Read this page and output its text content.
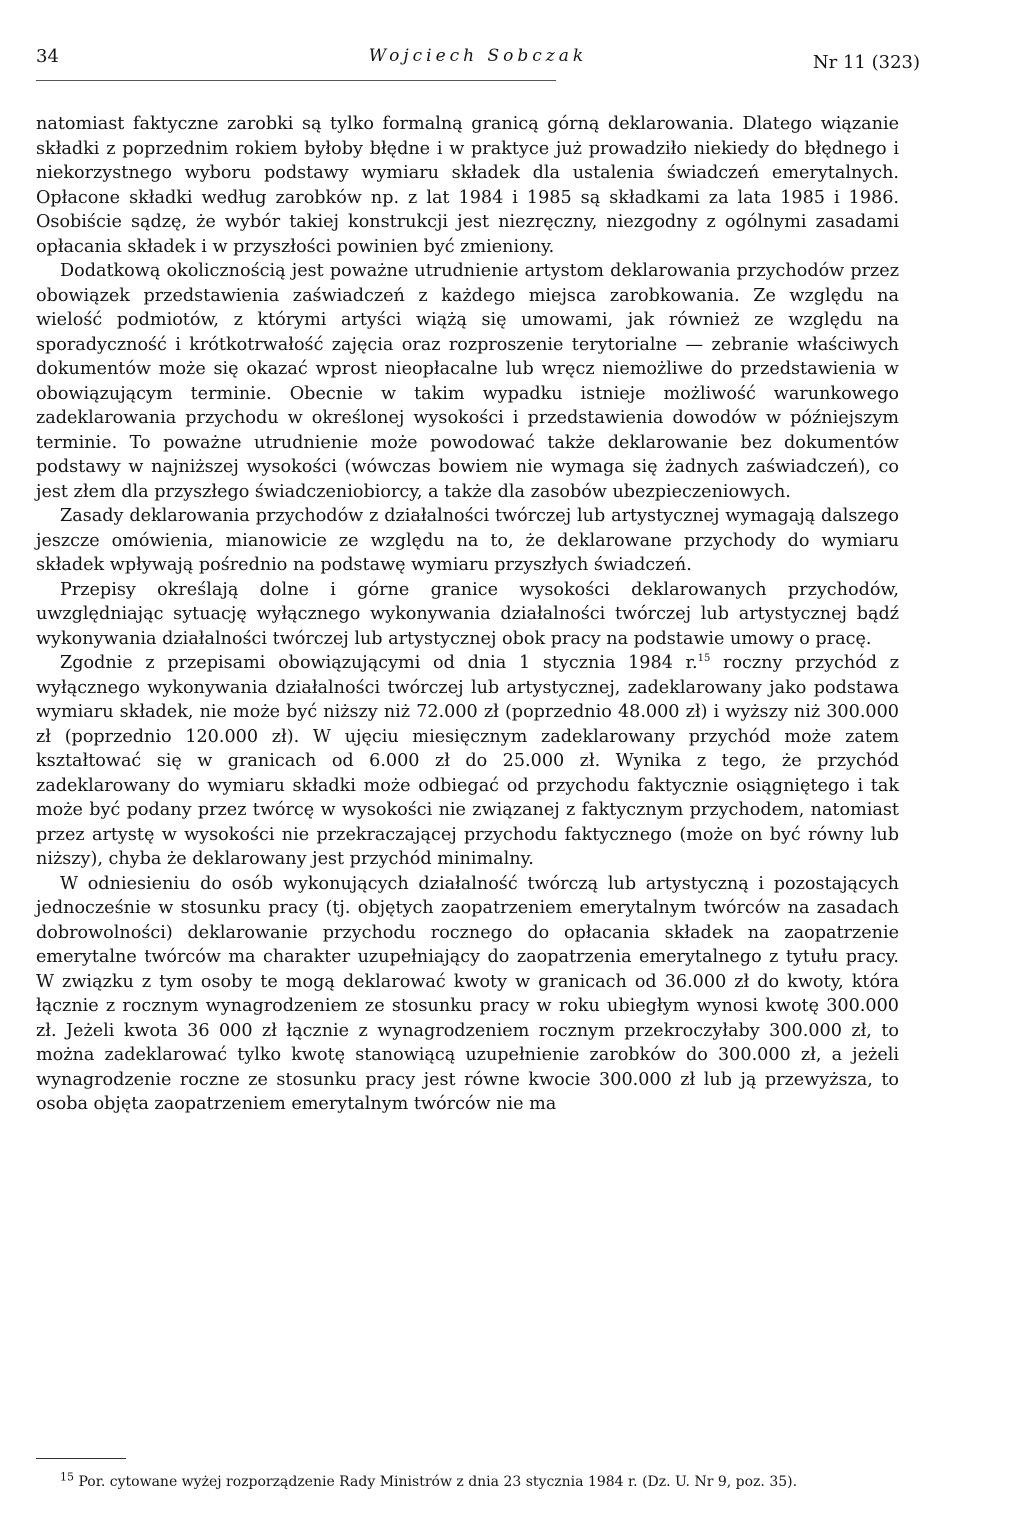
34	Wojciech Sobczak	Nr 11 (323)

natomiast faktyczne zarobki są tylko formalną granicą górną deklarowania. Dlatego wiązanie składki z poprzednim rokiem byłoby błędne i w praktyce już prowadziło niekiedy do błędnego i niekorzystnego wyboru podstawy wymiaru składek dla ustalenia świadczeń emerytalnych. Opłacone składki według zarobków np. z lat 1984 i 1985 są składkami za lata 1985 i 1986. Osobiście sądzę, że wybór takiej konstrukcji jest niezręczny, niezgodny z ogólnymi zasadami opłacania składek i w przyszłości powinien być zmieniony.

Dodatkową okolicznością jest poważne utrudnienie artystom deklarowania przychodów przez obowiązek przedstawienia zaświadczeń z każdego miejsca zarobkowania. Ze względu na wielość podmiotów, z którymi artyści wiążą się umowami, jak również ze względu na sporadyczność i krótkotrwałość zajęcia oraz rozproszenie terytorialne — zebranie właściwych dokumentów może się okazać wprost nieopłacalne lub wręcz niemożliwe do przedstawienia w obowiązującym terminie. Obecnie w takim wypadku istnieje możliwość warunkowego zadeklarowania przychodu w określonej wysokości i przedstawienia dowodów w późniejszym terminie. To poważne utrudnienie może powodować także deklarowanie bez dokumentów podstawy w najniższej wysokości (wówczas bowiem nie wymaga się żadnych zaświadczeń), co jest złem dla przyszłego świadczeniobiorcy, a także dla zasobów ubezpieczeniowych.

Zasady deklarowania przychodów z działalności twórczej lub artystycznej wymagają dalszego jeszcze omówienia, mianowicie ze względu na to, że deklarowane przychody do wymiaru składek wpływają pośrednio na podstawę wymiaru przyszłych świadczeń.

Przepisy określają dolne i górne granice wysokości deklarowanych przychodów, uwzględniając sytuację wyłącznego wykonywania działalności twórczej lub artystycznej bądź wykonywania działalności twórczej lub artystycznej obok pracy na podstawie umowy o pracę.

Zgodnie z przepisami obowiązującymi od dnia 1 stycznia 1984 r.$^{15}$ roczny przychód z wyłącznego wykonywania działalności twórczej lub artystycznej, zadeklarowany jako podstawa wymiaru składek, nie może być niższy niż 72.000 zł (poprzednio 48.000 zł) i wyższy niż 300.000 zł (poprzednio 120.000 zł). W ujęciu miesięcznym zadeklarowany przychód może zatem kształtować się w granicach od 6.000 zł do 25.000 zł. Wynika z tego, że przychód zadeklarowany do wymiaru składki może odbiegać od przychodu faktycznie osiągniętego i tak może być podany przez twórcę w wysokości nie związanej z faktycznym przychodem, natomiast przez artystę w wysokości nie przekraczającej przychodu faktycznego (może on być równy lub niższy), chyba że deklarowany jest przychód minimalny.

W odniesieniu do osób wykonujących działalność twórczą lub artystyczną i pozostających jednocześnie w stosunku pracy (tj. objętych zaopatrzeniem emerytalnym twórców na zasadach dobrowolności) deklarowanie przychodu rocznego do opłacania składek na zaopatrzenie emerytalne twórców ma charakter uzupełniający do zaopatrzenia emerytalnego z tytułu pracy. W związku z tym osoby te mogą deklarować kwoty w granicach od 36.000 zł do kwoty, która łącznie z rocznym wynagrodzeniem ze stosunku pracy w roku ubiegłym wynosi kwotę 300.000 zł. Jeżeli kwota 36 000 zł łącznie z wynagrodzeniem rocznym przekroczyłaby 300.000 zł, to można zadeklarować tylko kwotę stanowiącą uzupełnienie zarobków do 300.000 zł, a jeżeli wynagrodzenie roczne ze stosunku pracy jest równe kwocie 300.000 zł lub ją przewyższa, to osoba objęta zaopatrzeniem emerytalnym twórców nie ma

$^{15}$ Por. cytowane wyżej rozporządzenie Rady Ministrów z dnia 23 stycznia 1984 r. (Dz. U. Nr 9, poz. 35).
